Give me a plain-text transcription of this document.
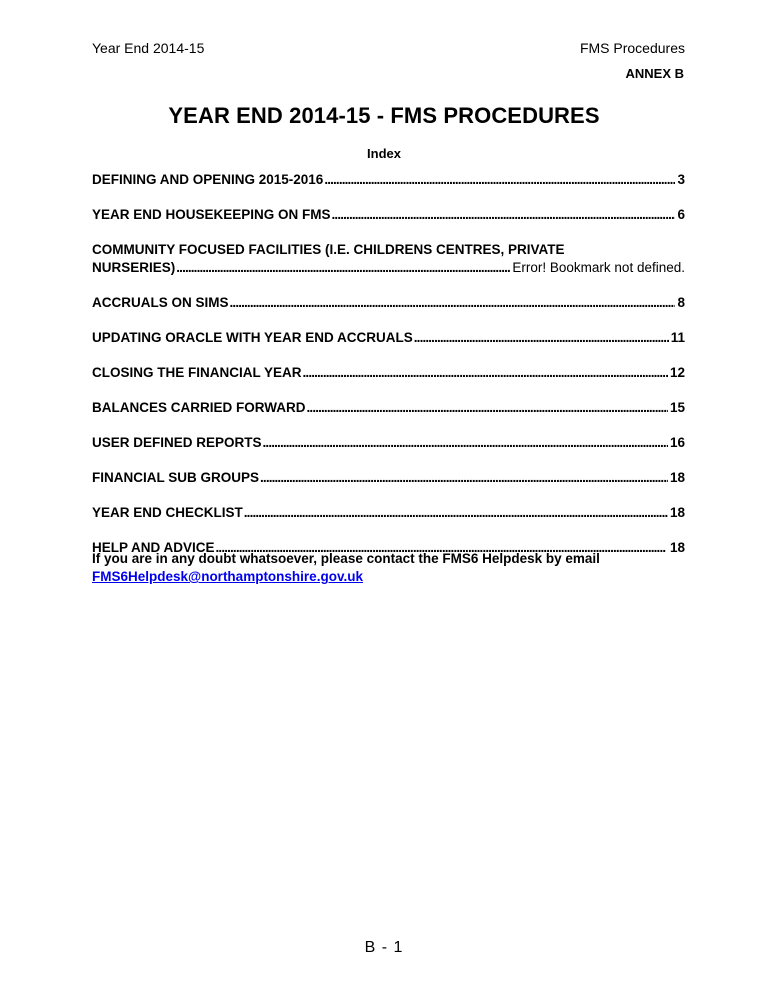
Year End 2014-15	FMS Procedures
ANNEX B
YEAR END 2014-15 - FMS PROCEDURES
Index
DEFINING AND OPENING 2015-2016 . . .	3
YEAR END HOUSEKEEPING ON FMS . . .	6
COMMUNITY FOCUSED FACILITIES (I.E. CHILDRENS CENTRES, PRIVATE
NURSERIES) . . .	Error! Bookmark not defined.
ACCRUALS ON SIMS . . .	8
UPDATING ORACLE WITH YEAR END ACCRUALS . . .	11
CLOSING THE FINANCIAL YEAR . . .	12
BALANCES CARRIED FORWARD . . .	15
USER DEFINED REPORTS . . .	16
FINANCIAL SUB GROUPS . . .	18
YEAR END CHECKLIST . . .	18
HELP AND ADVICE . . .	18
If you are in any doubt whatsoever, please contact the FMS6 Helpdesk by email
FMS6Helpdesk@northamptonshire.gov.uk
B - 1
